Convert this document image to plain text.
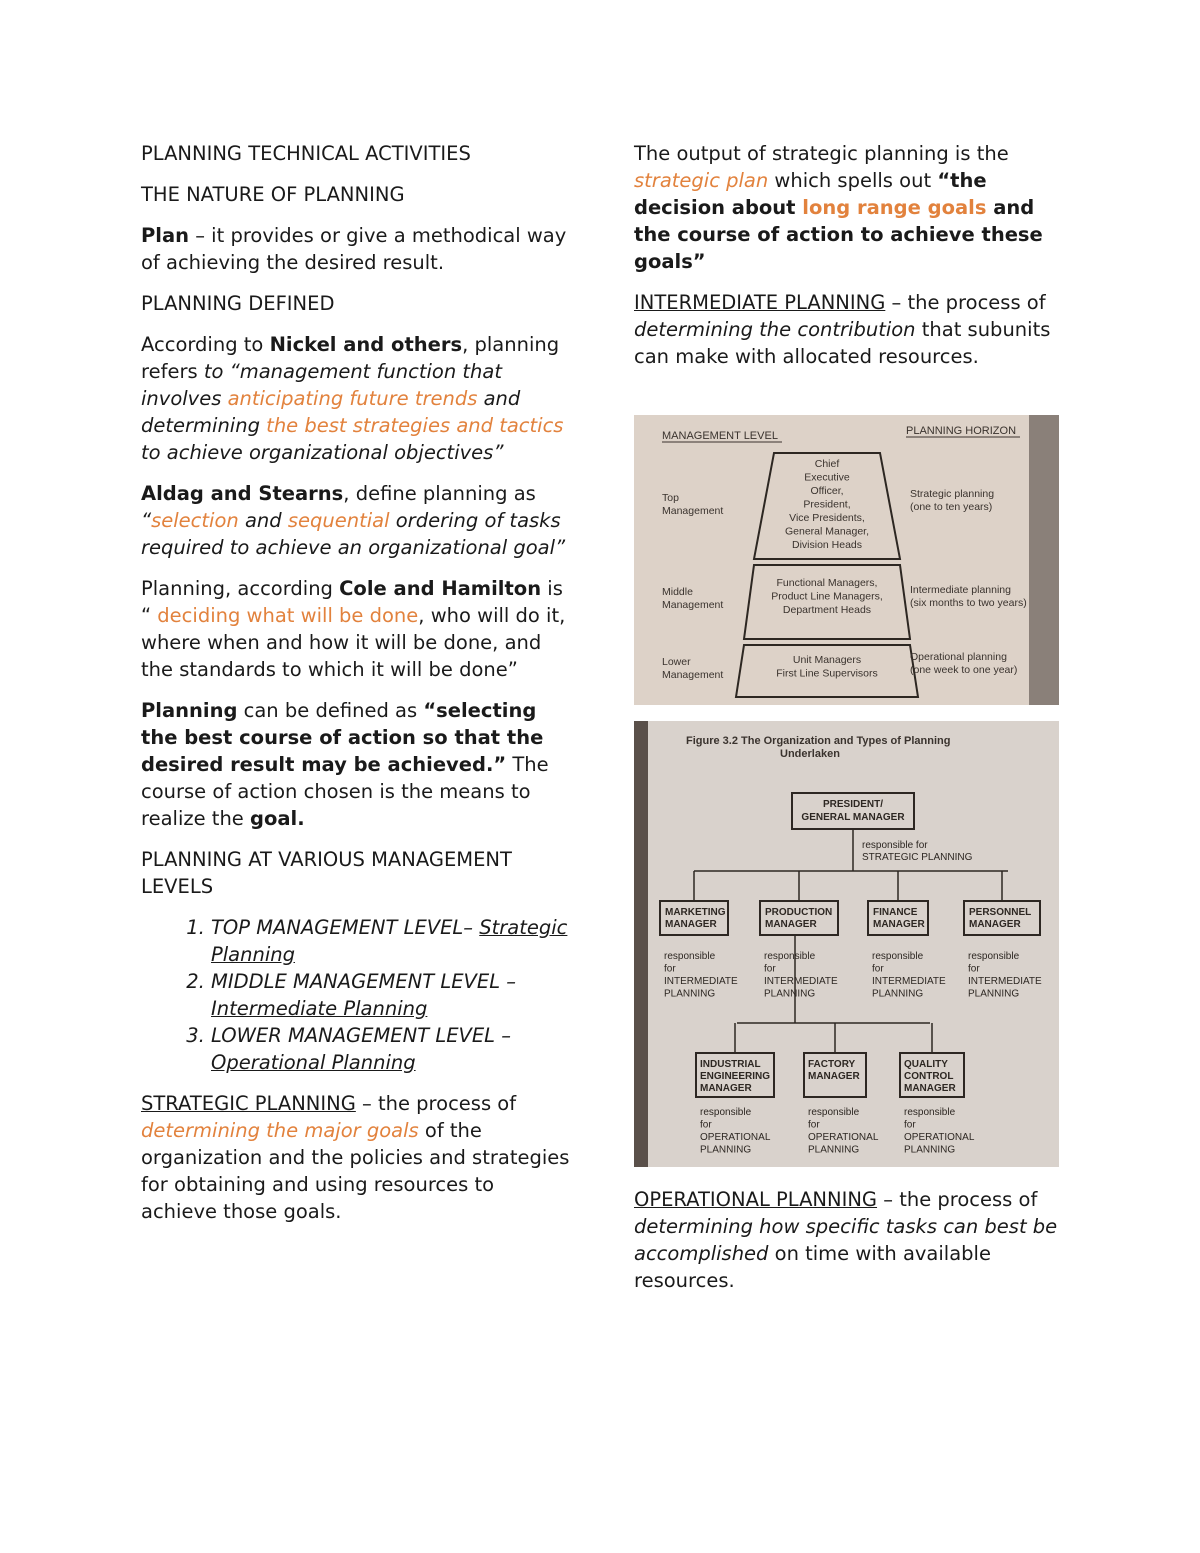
PLANNING TECHNICAL ACTIVITIES
THE NATURE OF PLANNING

Plan – it provides or give a methodical way of achieving the desired result.

PLANNING DEFINED

According to Nickel and others, planning refers to “management function that involves anticipating future trends and determining the best strategies and tactics to achieve organizational objectives”

Aldag and Stearns, define planning as “selection and sequential ordering of tasks required to achieve an organizational goal”

Planning, according Cole and Hamilton is “ deciding what will be done, who will do it, where when and how it will be done, and the standards to which it will be done”

Planning can be defined as “selecting the best course of action so that the desired result may be achieved.” The course of action chosen is the means to realize the goal.

PLANNING AT VARIOUS MANAGEMENT LEVELS
1. TOP MANAGEMENT LEVEL– Strategic Planning
2. MIDDLE MANAGEMENT LEVEL – Intermediate Planning
3. LOWER MANAGEMENT LEVEL – Operational Planning

STRATEGIC PLANNING – the process of determining the major goals of the organization and the policies and strategies for obtaining and using resources to achieve those goals.

The output of strategic planning is the strategic plan which spells out “the decision about long range goals and the course of action to achieve these goals”

INTERMEDIATE PLANNING – the process of determining the contribution that subunits can make with allocated resources.

MANAGEMENT LEVEL	PLANNING HORIZON
Top
Management
Chief
Executive
Officer,
President,
Vice Presidents,
General Manager,
Division Heads
Strategic planning
(one to ten years)
Middle
Management
Functional Managers,
Product Line Managers,
Department Heads
Intermediate planning
(six months to two years)
Lower
Management
Unit Managers
First Line Supervisors
Operational planning
(one week to one year)
Figure 3.2 The Organization and Types of Planning
Underlaken
PRESIDENT/
GENERAL MANAGER
responsible for
STRATEGIC PLANNING
MARKETING
MANAGER
responsible
for
INTERMEDIATE
PLANNING
PRODUCTION
MANAGER
responsible
for
INTERMEDIATE
PLANNING
FINANCE
MANAGER
responsible
for
INTERMEDIATE
PLANNING
PERSONNEL
MANAGER
responsible
for
INTERMEDIATE
PLANNING
INDUSTRIAL
ENGINEERING
MANAGER
responsible
for
OPERATIONAL
PLANNING
FACTORY
MANAGER
responsible
for
OPERATIONAL
PLANNING
QUALITY
CONTROL
MANAGER
responsible
for
OPERATIONAL
PLANNING

OPERATIONAL PLANNING – the process of determining how specific tasks can best be accomplished on time with available resources.
